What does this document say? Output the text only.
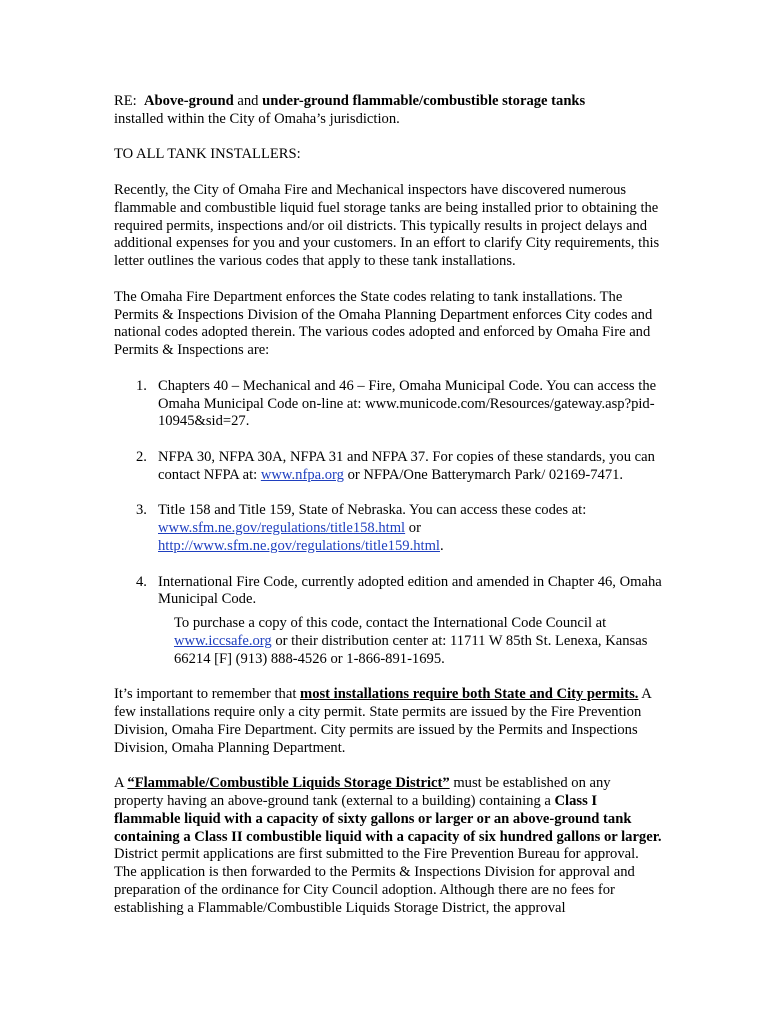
RE: Above-ground and under-ground flammable/combustible storage tanks
installed within the City of Omaha’s jurisdiction.

TO ALL TANK INSTALLERS:

Recently, the City of Omaha Fire and Mechanical inspectors have discovered numerous flammable and combustible liquid fuel storage tanks are being installed prior to obtaining the required permits, inspections and/or oil districts. This typically results in project delays and additional expenses for you and your customers. In an effort to clarify City requirements, this letter outlines the various codes that apply to these tank installations.

The Omaha Fire Department enforces the State codes relating to tank installations. The Permits & Inspections Division of the Omaha Planning Department enforces City codes and national codes adopted therein. The various codes adopted and enforced by Omaha Fire and Permits & Inspections are:

1. Chapters 40 – Mechanical and 46 – Fire, Omaha Municipal Code. You can access the Omaha Municipal Code on-line at: www.municode.com/Resources/gateway.asp?pid-10945&sid=27.
2. NFPA 30, NFPA 30A, NFPA 31 and NFPA 37. For copies of these standards, you can contact NFPA at: www.nfpa.org or NFPA/One Batterymarch Park/ 02169-7471.
3. Title 158 and Title 159, State of Nebraska. You can access these codes at:
www.sfm.ne.gov/regulations/title158.html or
http://www.sfm.ne.gov/regulations/title159.html.
4. International Fire Code, currently adopted edition and amended in Chapter 46, Omaha Municipal Code.
To purchase a copy of this code, contact the International Code Council at www.iccsafe.org or their distribution center at: 11711 W 85th St. Lenexa, Kansas 66214 [F] (913) 888-4526 or 1-866-891-1695.

It’s important to remember that most installations require both State and City permits. A few installations require only a city permit. State permits are issued by the Fire Prevention Division, Omaha Fire Department. City permits are issued by the Permits and Inspections Division, Omaha Planning Department.

A “Flammable/Combustible Liquids Storage District” must be established on any property having an above-ground tank (external to a building) containing a Class I flammable liquid with a capacity of sixty gallons or larger or an above-ground tank containing a Class II combustible liquid with a capacity of six hundred gallons or larger. District permit applications are first submitted to the Fire Prevention Bureau for approval. The application is then forwarded to the Permits & Inspections Division for approval and preparation of the ordinance for City Council adoption. Although there are no fees for establishing a Flammable/Combustible Liquids Storage District, the approval
